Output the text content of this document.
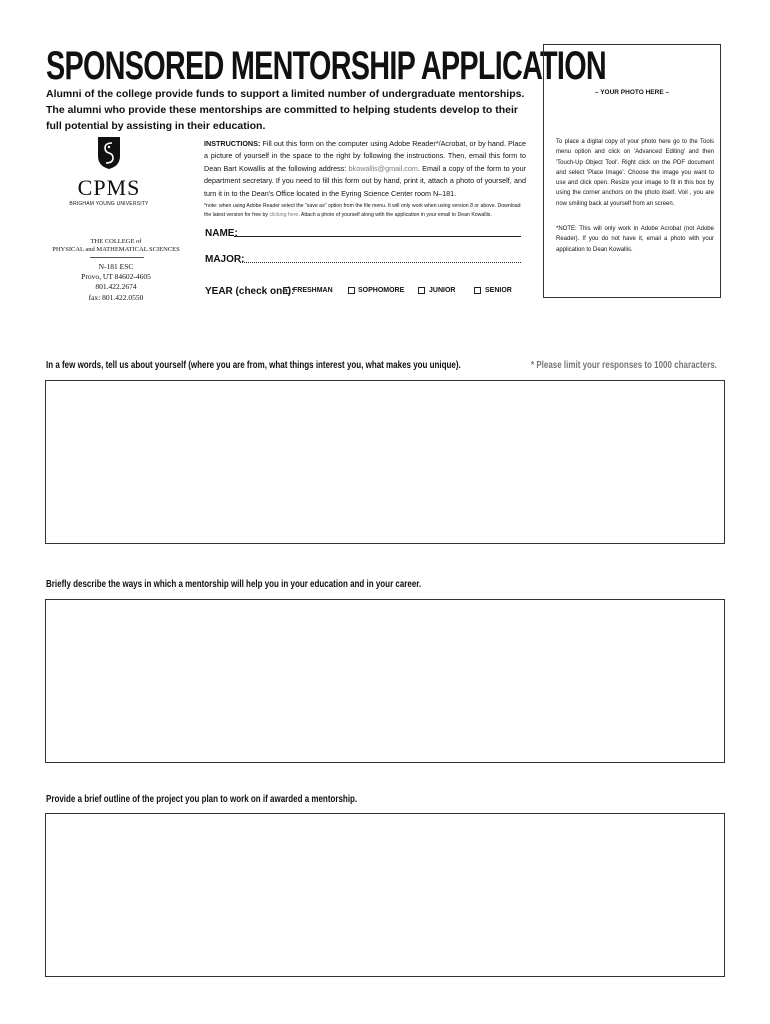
SPONSORED MENTORSHIP APPLICATION
Alumni of the college provide funds to support a limited number of undergraduate mentorships. The alumni who provide these mentorships are committed to helping students develop to their full potential by assisting in their education.
– YOUR PHOTO HERE –
To place a digital copy of your photo here go to the Tools menu option and click on 'Advanced Editing' and then 'Touch-Up Object Tool'. Right click on the PDF document and select 'Place Image'. Choose the image you want to use and click open. Resize your image to fit in this box by using the corner anchors on the photo itself. Voil , you are now smiling back at yourself from an screen.
*NOTE: This will only work in Adobe Acrobat (not Adobe Reader). If you do not have it, email a photo with your application to Dean Kowallis.
CPMS
BRIGHAM YOUNG UNIVERSITY
THE COLLEGE of
PHYSICAL and MATHEMATICAL SCIENCES
N-181 ESC
Provo, UT 84602-4605
801.422.2674
fax: 801.422.0550
INSTRUCTIONS: Fill out this form on the computer using Adobe Reader*/Acrobat, or by hand. Place a picture of yourself in the space to the right by following the instructions. Then, email this form to Dean Bart Kowallis at the following address: bkowallis@gmail.com. Email a copy of the form to your department secretary. If you need to fill this form out by hand, print it, attach a photo of yourself, and turn it in to the Dean's Office located in the Eyring Science Center room N–181.
*note: when using Adobe Reader select the "save as" option from the file menu. It will only work when using version 8 or above. Download the latest version for free by clicking here. Attach a photo of yourself along with the application in your email to Dean Kowallis.
NAME:
MAJOR:
YEAR (check one):
FRESHMAN	SOPHOMORE	JUNIOR	SENIOR
In a few words, tell us about yourself (where you are from, what things interest you, what makes you unique).	* Please limit your responses to 1000 characters.
Briefly describe the ways in which a mentorship will help you in your education and in your career.
Provide a brief outline of the project you plan to work on if awarded a mentorship.
